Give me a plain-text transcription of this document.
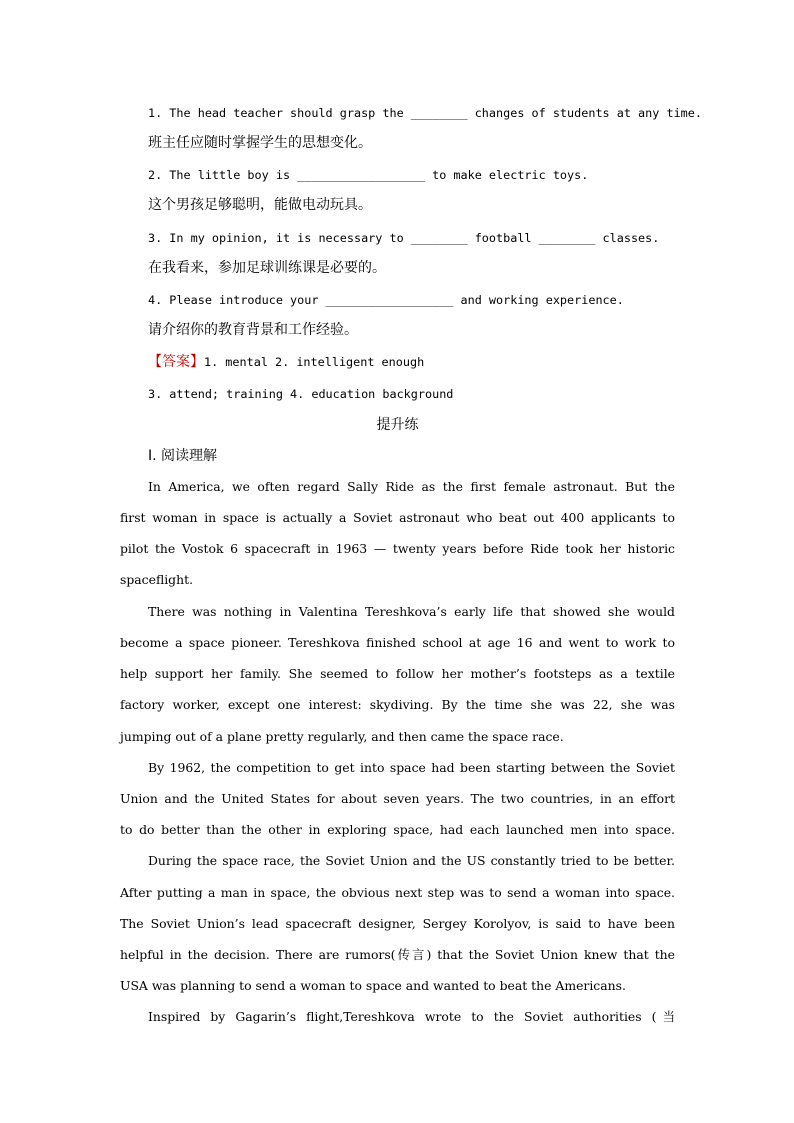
1. The head teacher should grasp the ________ changes of students at any time.
班主任应随时掌握学生的思想变化。
2. The little boy is __________________ to make electric toys.
这个男孩足够聪明，能做电动玩具。
3. In my opinion, it is necessary to ________ football ________ classes.
在我看来，参加足球训练课是必要的。
4. Please introduce your __________________ and working experience.
请介绍你的教育背景和工作经验。
【答案】1. mental 2. intelligent enough
3. attend; training 4. education background
提升练
Ⅰ. 阅读理解
In America, we often regard Sally Ride as the first female astronaut. But the
first woman in space is actually a Soviet astronaut who beat out 400 applicants to
pilot the Vostok 6 spacecraft in 1963 — twenty years before Ride took her historic
spaceflight.
There was nothing in Valentina Tereshkova’s early life that showed she would
become a space pioneer. Tereshkova finished school at age 16 and went to work to
help support her family. She seemed to follow her mother’s footsteps as a textile
factory worker, except one interest: skydiving. By the time she was 22, she was
jumping out of a plane pretty regularly, and then came the space race.
By 1962, the competition to get into space had been starting between the Soviet
Union and the United States for about seven years. The two countries, in an effort
to do better than the other in exploring space, had each launched men into space.
During the space race, the Soviet Union and the US constantly tried to be better.
After putting a man in space, the obvious next step was to send a woman into space.
The Soviet Union’s lead spacecraft designer, Sergey Korolyov, is said to have been
helpful in the decision. There are rumors(传言) that the Soviet Union knew that the
USA was planning to send a woman to space and wanted to beat the Americans.
Inspired by Gagarin’s flight,Tereshkova wrote to the Soviet authorities (当
